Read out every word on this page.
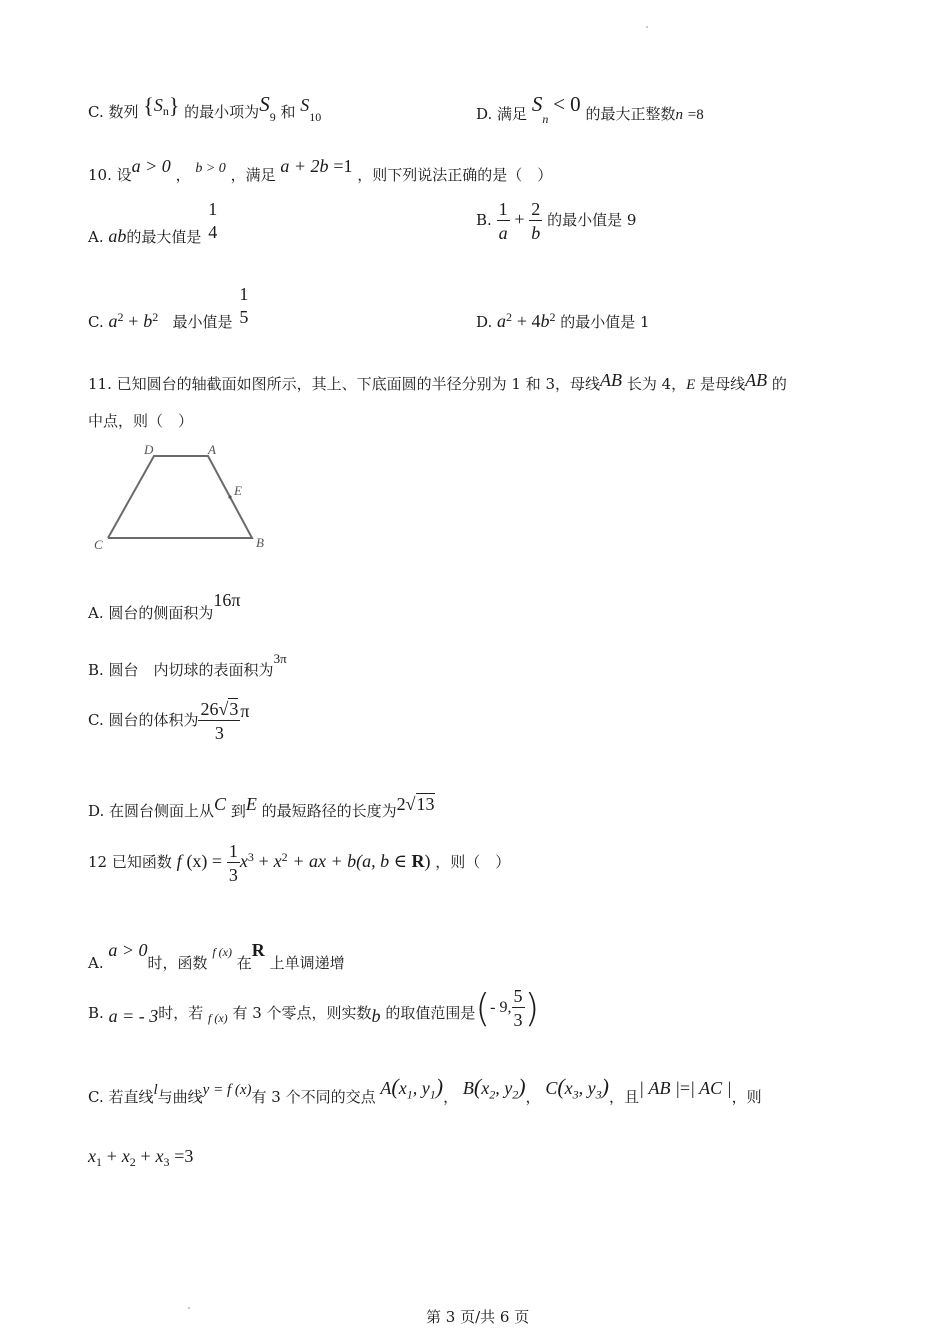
C. 数列 $\{S_n\}$ 的最小项为$S_9$ 和 $S_{10}$	D. 满足 $S_n < 0$ 的最大正整数n =8
10. 设a > 0 ， b > 0 ，满足 a + 2b =1 ，则下列说法正确的是（　）
A. ab的最大值是
1
4
B. $\frac{1}{a} + \frac{2}{b}$ 的最小值是 9
C. $a^2 + b^2$ 最小值是
1
5	D. $a^2 + 4b^2$ 的最小值是 1
11. 已知圆台的轴截面如图所示，其上、下底面圆的半径分别为 1 和 3，母线AB 长为 4，E 是母线AB 的
中点，则（　）
D	A
E
C	B
A. 圆台的侧面积为16π
B. 圆台　内切球的表面积为3π
C. 圆台的体积为 $\frac{26√3}{3}$ π
D. 在圆台侧面上从C 到E 的最短路径的长度为2√13
12 已知函数 f $(x) = \frac{1}{3} x^3 + x^2$ + ax + b(a, b ∈ R) ，则（　）
A. a > 0时，函数 $^{f (x)}$ 在R 上单调递增
B. a = - 3时，若 $_{f (x)}$ 有 3 个零点，则实数b 的取值范围是(- 9, $\frac{5}{3}$ )
C. 若直线l与曲线y = f (x)有 3 个不同的交点 $A(x_1$, $y_1$)， $B(x_2$, $y_2$)， $C(x_3$, $y_3$)，且| AB |=| AC |，则
$x_1 + x_2 + x_3 =3$
第 3 页/共 6 页
